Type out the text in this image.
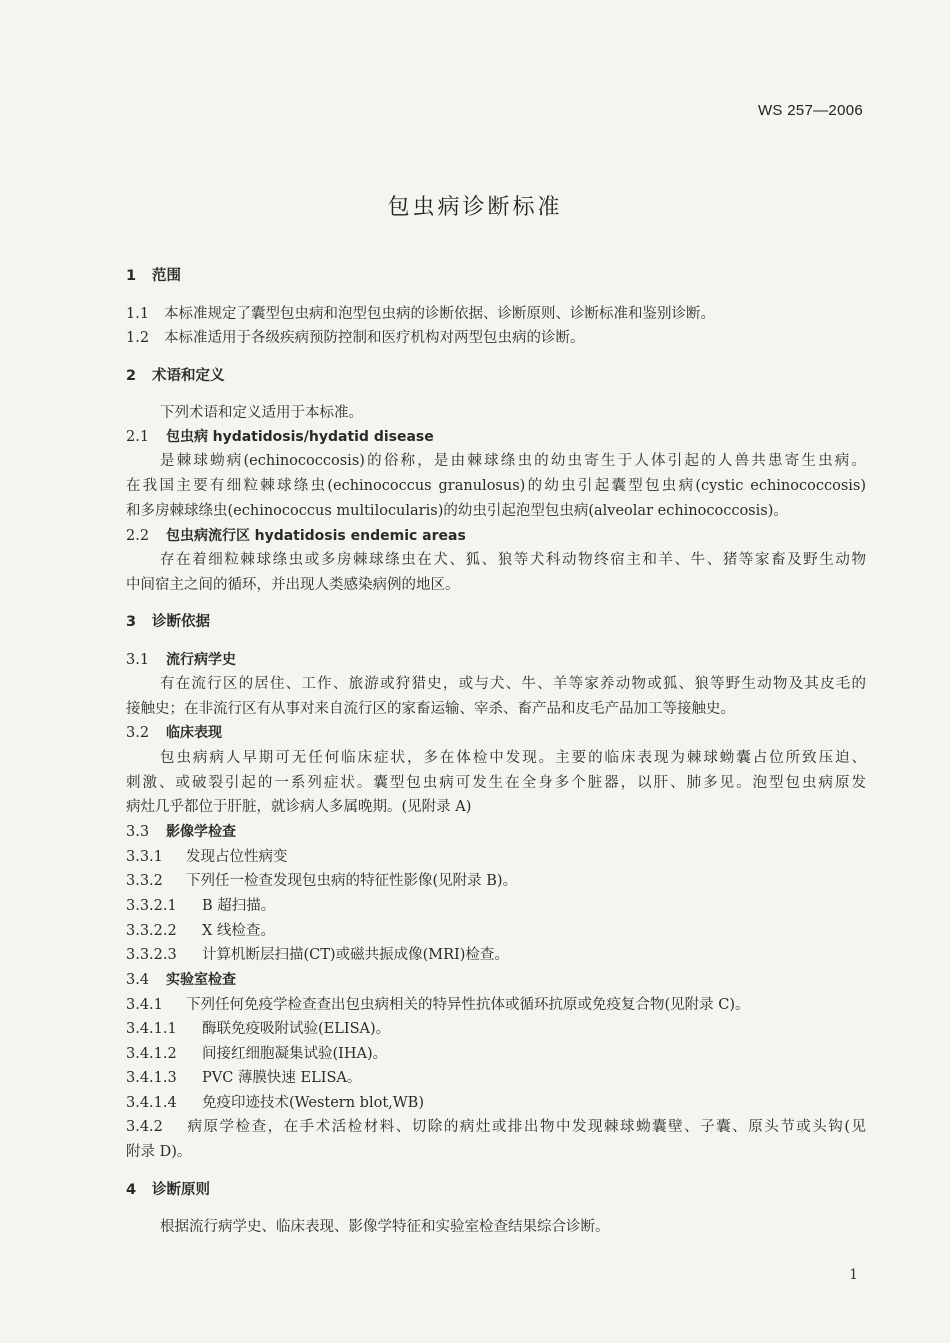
WS 257—2006
包虫病诊断标准
1 范围
1.1 本标准规定了囊型包虫病和泡型包虫病的诊断依据、诊断原则、诊断标准和鉴别诊断。
1.2 本标准适用于各级疾病预防控制和医疗机构对两型包虫病的诊断。
2 术语和定义
下列术语和定义适用于本标准。
2.1 包虫病 hydatidosis/hydatid disease
是棘球蚴病(echinococcosis)的俗称，是由棘球绦虫的幼虫寄生于人体引起的人兽共患寄生虫病。
在我国主要有细粒棘球绦虫(echinococcus granulosus)的幼虫引起囊型包虫病(cystic echinococcosis)
和多房棘球绦虫(echinococcus multilocularis)的幼虫引起泡型包虫病(alveolar echinococcosis)。
2.2 包虫病流行区 hydatidosis endemic areas
存在着细粒棘球绦虫或多房棘球绦虫在犬、狐、狼等犬科动物终宿主和羊、牛、猪等家畜及野生动物
中间宿主之间的循环，并出现人类感染病例的地区。
3 诊断依据
3.1 流行病学史
有在流行区的居住、工作、旅游或狩猎史，或与犬、牛、羊等家养动物或狐、狼等野生动物及其皮毛的
接触史；在非流行区有从事对来自流行区的家畜运输、宰杀、畜产品和皮毛产品加工等接触史。
3.2 临床表现
包虫病病人早期可无任何临床症状，多在体检中发现。主要的临床表现为棘球蚴囊占位所致压迫、
刺激、或破裂引起的一系列症状。囊型包虫病可发生在全身多个脏器，以肝、肺多见。泡型包虫病原发
病灶几乎都位于肝脏，就诊病人多属晚期。(见附录 A)
3.3 影像学检查
3.3.1 发现占位性病变
3.3.2 下列任一检查发现包虫病的特征性影像(见附录 B)。
3.3.2.1 B 超扫描。
3.3.2.2 X 线检查。
3.3.2.3 计算机断层扫描(CT)或磁共振成像(MRI)检查。
3.4 实验室检查
3.4.1 下列任何免疫学检查查出包虫病相关的特异性抗体或循环抗原或免疫复合物(见附录 C)。
3.4.1.1 酶联免疫吸附试验(ELISA)。
3.4.1.2 间接红细胞凝集试验(IHA)。
3.4.1.3 PVC 薄膜快速 ELISA。
3.4.1.4 免疫印迹技术(Western blot,WB)
3.4.2 病原学检查，在手术活检材料、切除的病灶或排出物中发现棘球蚴囊壁、子囊、原头节或头钩(见
附录 D)。
4 诊断原则
根据流行病学史、临床表现、影像学特征和实验室检查结果综合诊断。
1
